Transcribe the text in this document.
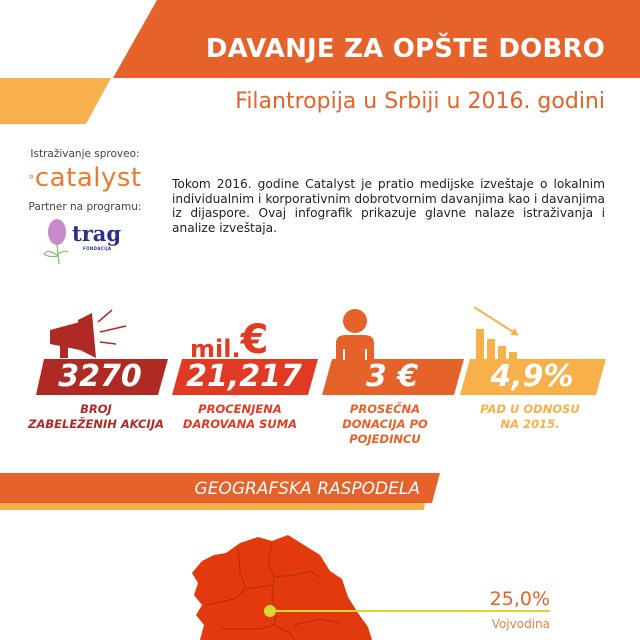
DAVANJE ZA OPŠTE DOBRO
Filantropija u Srbiji u 2016. godini
Istraživanje sproveo:
°catalyst
Partner na programu:
trag
FONDACIJA
Tokom 2016. godine Catalyst je pratio medijske izveštaje o lokalnim individualnim i korporativnim dobrotvornim davanjima kao i davanjima iz dijaspore. Ovaj infografik prikazuje glavne nalaze istraživanja i analize izveštaja.
mil.€
3270	21,217	3 €	4,9%
BROJ
ZABELEŽENIH AKCIJA
PROCENJENA
DAROVANA SUMA
PROSEČNA
DONACIJA PO
POJEDINCU
PAD U ODNOSU
NA 2015.
GEOGRAFSKA RASPODELA
25,0%
Vojvodina
